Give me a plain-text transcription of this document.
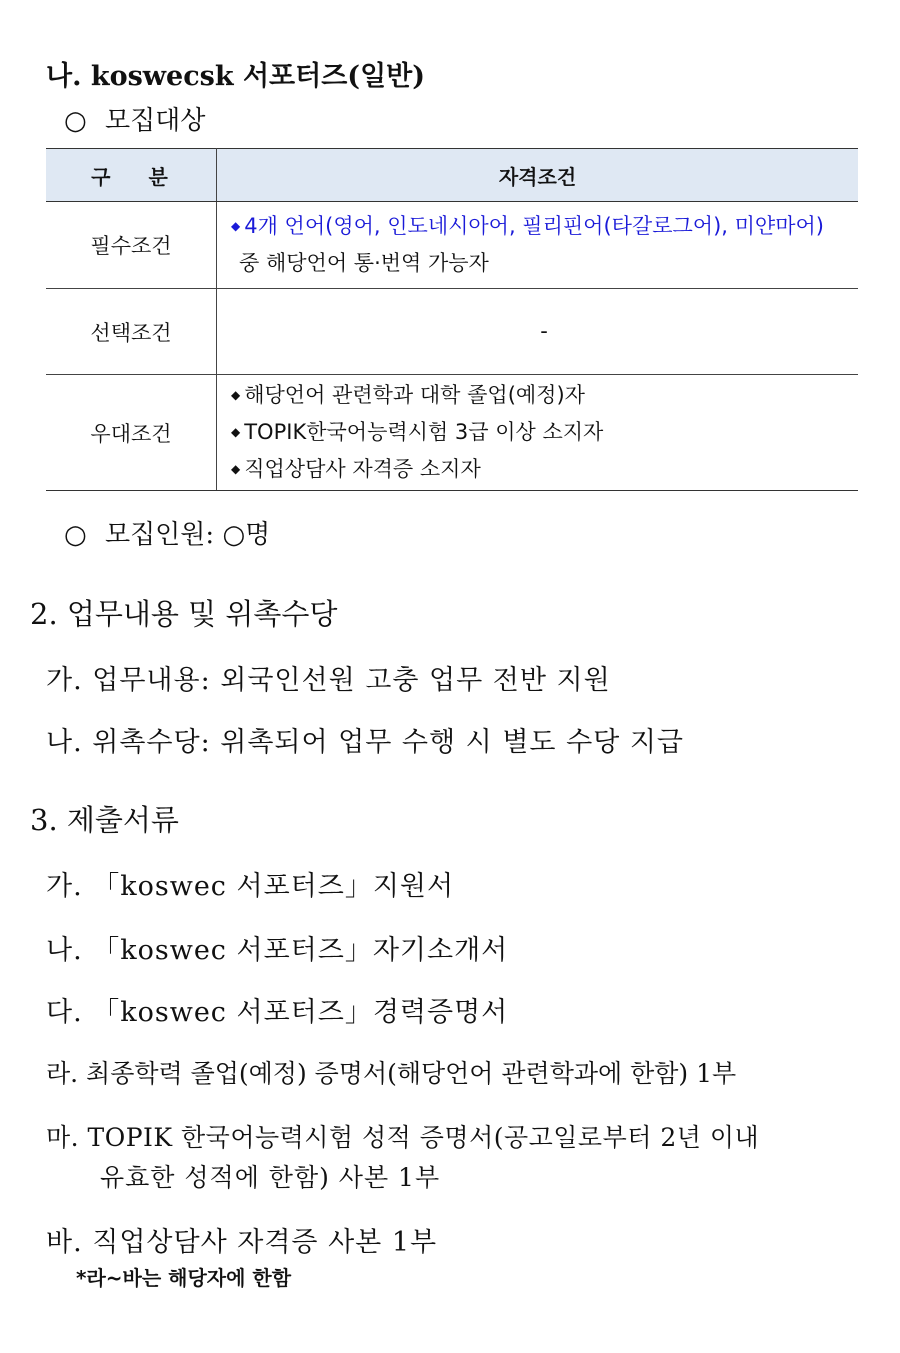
나. koswecsk 서포터즈(일반)
○ 모집대상
구분	자격조건
필수조건	◆ 4개 언어(영어, 인도네시아어, 필리핀어(타갈로그어), 미얀마어)
중 해당언어 통·번역 가능자

선택조건	-
우대조건	◆ 해당언어 관련학과 대학 졸업(예정)자
◆ TOPIK한국어능력시험 3급 이상 소지자
◆ 직업상담사 자격증 소지자
○ 모집인원: ○명
2. 업무내용 및 위촉수당
가. 업무내용: 외국인선원 고충 업무 전반 지원
나. 위촉수당: 위촉되어 업무 수행 시 별도 수당 지급
3. 제출서류
가. 「koswec 서포터즈」지원서
나. 「koswec 서포터즈」자기소개서
다. 「koswec 서포터즈」경력증명서
라. 최종학력 졸업(예정) 증명서(해당언어 관련학과에 한함) 1부
마. TOPIK 한국어능력시험 성적 증명서(공고일로부터 2년 이내
유효한 성적에 한함) 사본 1부
바. 직업상담사 자격증 사본 1부
*라~바는 해당자에 한함
